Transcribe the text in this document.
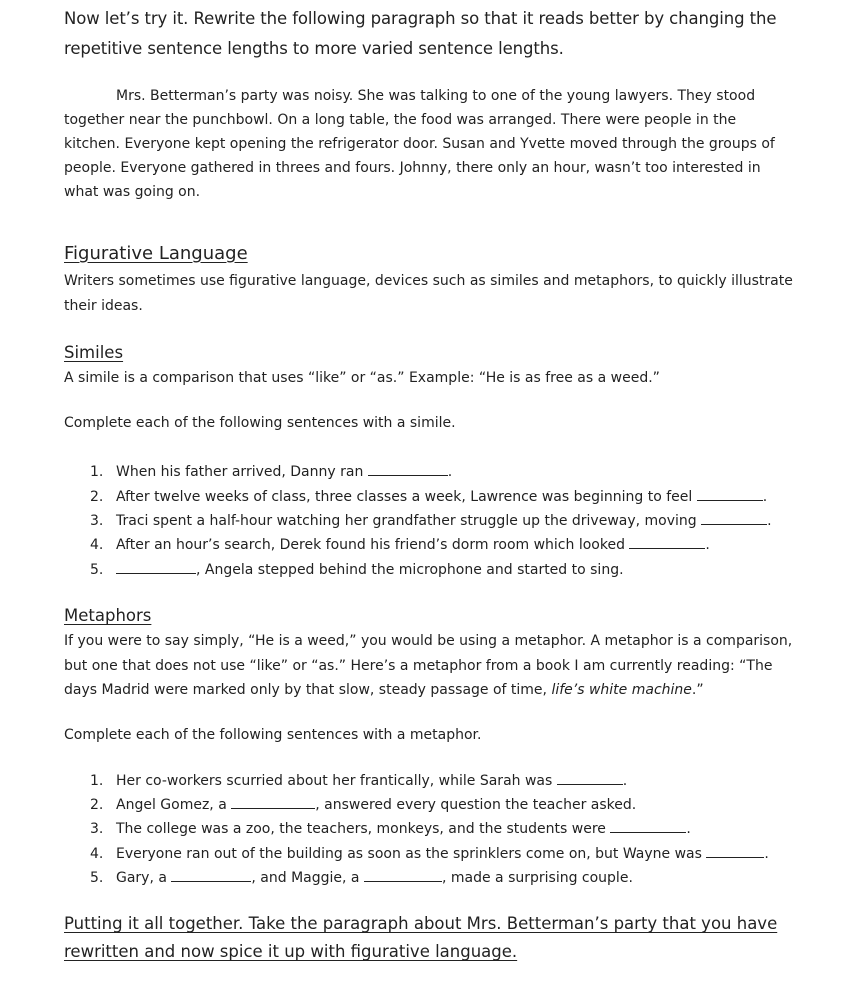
Now let’s try it. Rewrite the following paragraph so that it reads better by changing the
repetitive sentence lengths to more varied sentence lengths.
Mrs. Betterman’s party was noisy. She was talking to one of the young lawyers. They stood
together near the punchbowl. On a long table, the food was arranged. There were people in the
kitchen. Everyone kept opening the refrigerator door. Susan and Yvette moved through the groups of
people. Everyone gathered in threes and fours. Johnny, there only an hour, wasn’t too interested in
what was going on.
Figurative Language
Writers sometimes use figurative language, devices such as similes and metaphors, to quickly illustrate
their ideas.
Similes
A simile is a comparison that uses “like” or “as.” Example: “He is as free as a weed.”
Complete each of the following sentences with a simile.
1. When his father arrived, Danny ran	.
2. After twelve weeks of class, three classes a week, Lawrence was beginning to feel	.
3. Traci spent a half-hour watching her grandfather struggle up the driveway, moving	.
4. After an hour’s search, Derek found his friend’s dorm room which looked	.
5.	, Angela stepped behind the microphone and started to sing.
Metaphors
If you were to say simply, “He is a weed,” you would be using a metaphor. A metaphor is a comparison,
but one that does not use “like” or “as.” Here’s a metaphor from a book I am currently reading: “The
days Madrid were marked only by that slow, steady passage of time, life’s white machine.”
Complete each of the following sentences with a metaphor.
1. Her co-workers scurried about her frantically, while Sarah was	.
2. Angel Gomez, a	, answered every question the teacher asked.
3. The college was a zoo, the teachers, monkeys, and the students were	.
4. Everyone ran out of the building as soon as the sprinklers come on, but Wayne was	.
5. Gary, a	, and Maggie, a	, made a surprising couple.
Putting it all together. Take the paragraph about Mrs. Betterman’s party that you have
rewritten and now spice it up with figurative language.
